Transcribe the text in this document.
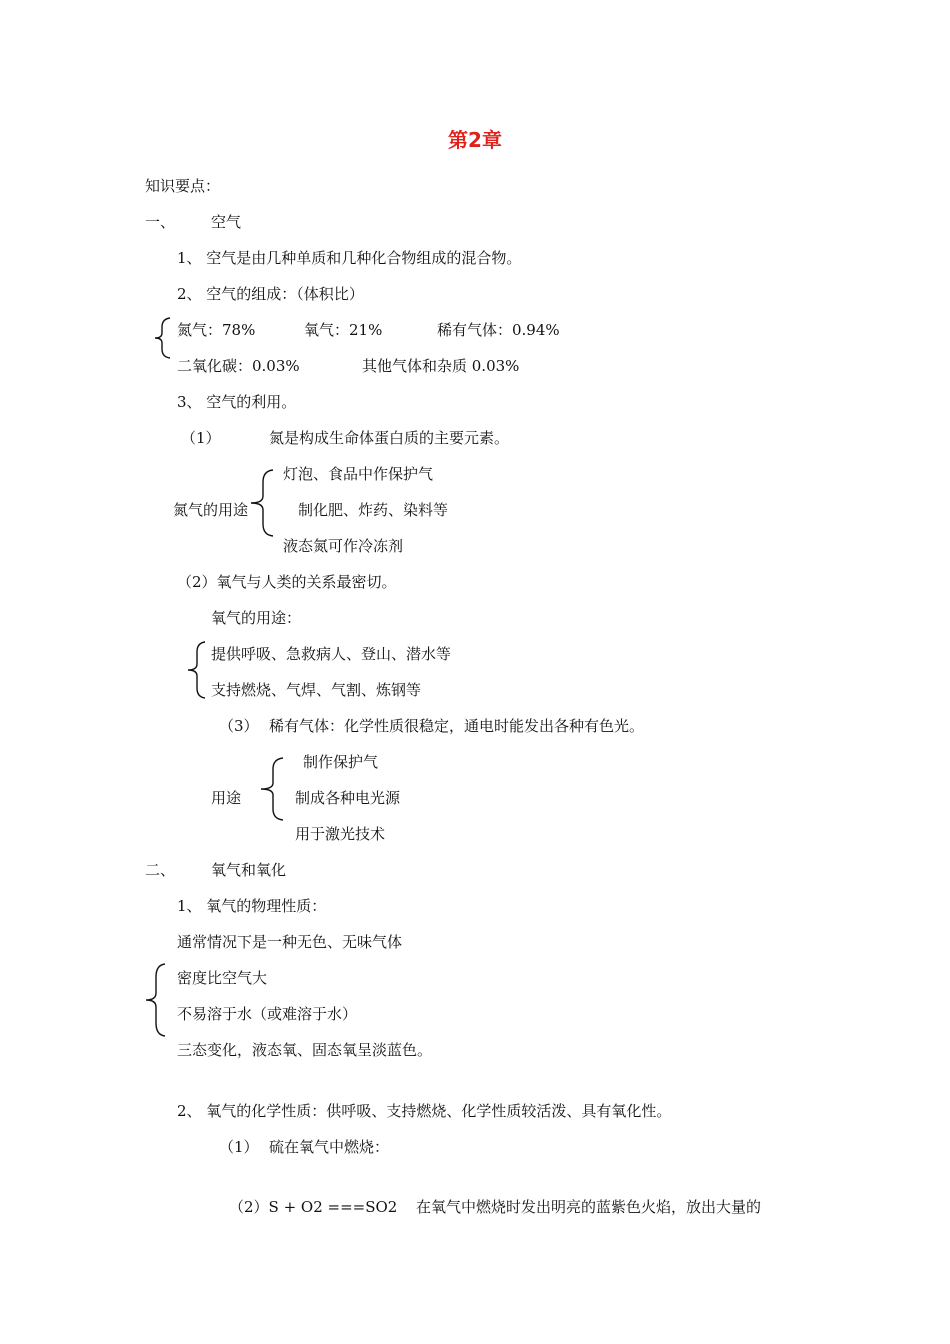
第2章
知识要点：
一、 空气
1、 空气是由几种单质和几种化合物组成的混合物。
2、 空气的组成：（体积比）
氮气：78%	氧气：21%	稀有气体：0.94%
二氧化碳：0.03%	其他气体和杂质 0.03%
3、 空气的利用。
（1）	氮是构成生命体蛋白质的主要元素。
氮气的用途
灯泡、食品中作保护气
制化肥、炸药、染料等
液态氮可作冷冻剂
（2）氧气与人类的关系最密切。
氧气的用途：
提供呼吸、急救病人、登山、潜水等
支持燃烧、气焊、气割、炼钢等
（3） 稀有气体：化学性质很稳定，通电时能发出各种有色光。
用途
制作保护气
制成各种电光源
用于激光技术
二、 氧气和氧化
1、 氧气的物理性质：
通常情况下是一种无色、无味气体
密度比空气大
不易溶于水（或难溶于水）
三态变化，液态氧、固态氧呈淡蓝色。
2、 氧气的化学性质：供呼吸、支持燃烧、化学性质较活泼、具有氧化性。
（1） 硫在氧气中燃烧：
（2）S + O2 ===SO2 在氧气中燃烧时发出明亮的蓝紫色火焰，放出大量的
